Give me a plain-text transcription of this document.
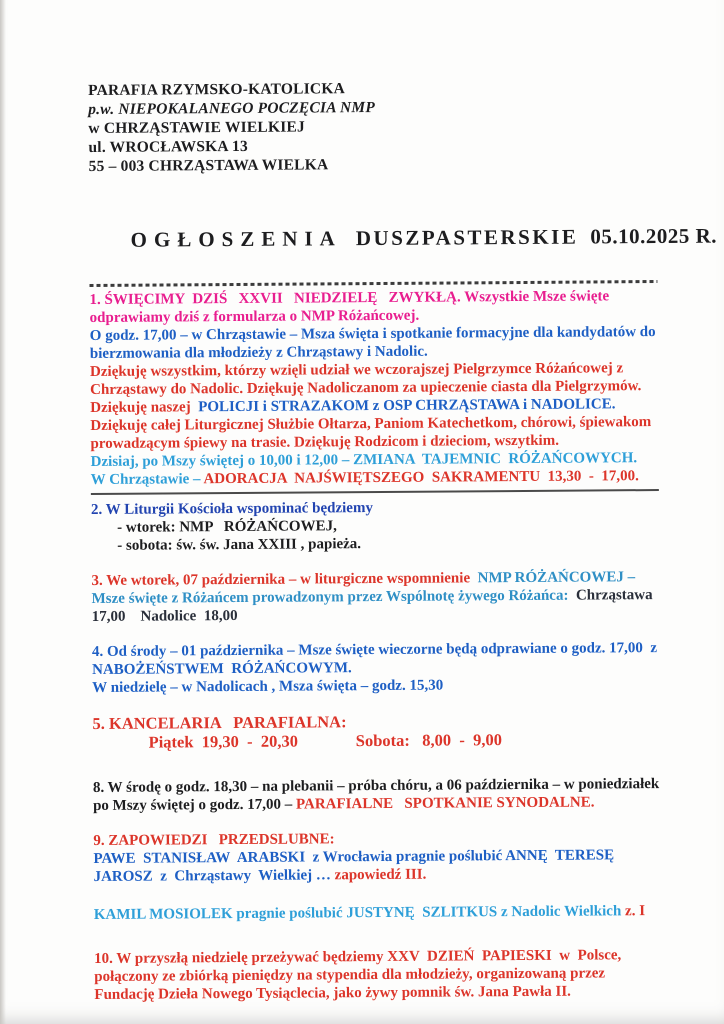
PARAFIA RZYMSKO-KATOLICKA
p.w. NIEPOKALANEGO POCZĘCIA NMP
w CHRZĄSTAWIE WIELKIEJ
ul. WROCŁAWSKA 13
55 – 003 CHRZĄSTAWA WIELKA

OGŁOSZENIA DUSZPASTERSKIE 05.10.2025 R.

1. ŚWIĘCIMY  DZIŚ   XXVII   NIEDZIELĘ   ZWYKŁĄ. Wszystkie Msze święte odprawiamy dziś z formularza o NMP Różańcowej.

O godz. 17,00 – w Chrząstawie – Msza święta i spotkanie formacyjne dla kandydatów do bierzmowania dla młodzieży z Chrząstawy i Nadolic.

Dziękuję wszystkim, którzy wzięli udział we wczorajszej Pielgrzymce Różańcowej z Chrząstawy do Nadolic. Dziękuję Nadoliczanom za upieczenie ciasta dla Pielgrzymów.

Dziękuję naszej  POLICJI i STRAZAKOM z OSP CHRZĄSTAWA i NADOLICE.

Dziękuję całej Liturgicznej Służbie Ołtarza, Paniom Katechetkom, chórowi, śpiewakom prowadzącym śpiewy na trasie. Dziękuję Rodzicom i dzieciom, wszytkim.

Dzisiaj, po Mszy świętej o 10,00 i 12,00 – ZMIANA  TAJEMNIC  RÓŻAŃCOWYCH.

W Chrząstawie – ADORACJA  NAJŚWIĘTSZEGO  SAKRAMENTU  13,30  -  17,00.

2. W Liturgii Kościoła wspominać będziemy

- wtorek: NMP   RÓŻAŃCOWEJ,

- sobota: św. św. Jana XXIII , papieża.

3. We wtorek, 07 października – w liturgiczne wspomnienie  NMP RÓŻAŃCOWEJ – Msze święte z Różańcem prowadzonym przez Wspólnotę żywego Różańca:  Chrząstawa  17,00    Nadolice  18,00

4. Od środy – 01 października – Msze święte wieczorne będą odprawiane o godz. 17,00  z NABOŻEŃSTWEM  RÓŻAŃCOWYM.

W niedzielę – w Nadolicach , Msza święta – godz. 15,30

5. KANCELARIA   PARAFIALNA:

Piątek  19,30  -  20,30              Sobota:   8,00  -  9,00

8. W środę o godz. 18,30 – na plebanii – próba chóru, a 06 października – w poniedziałek po Mszy świętej o godz. 17,00 – PARAFIALNE   SPOTKANIE SYNODALNE.

9. ZAPOWIEDZI   PRZEDSLUBNE:

PAWE  STANISŁAW  ARABSKI  z Wrocławia pragnie poślubić ANNĘ  TERESĘ JAROSZ  z  Chrząstawy  Wielkiej … zapowiedź III.

KAMIL MOSIOLEK pragnie poślubić JUSTYNĘ  SZLITKUS z Nadolic Wielkich z. I

10. W przyszłą niedzielę przeżywać będziemy XXV  DZIEŃ  PAPIESKI  w  Polsce, połączony ze zbiórką pieniędzy na stypendia dla młodzieży, organizowaną przez Fundację Dzieła Nowego Tysiąclecia, jako żywy pomnik św. Jana Pawła II.
